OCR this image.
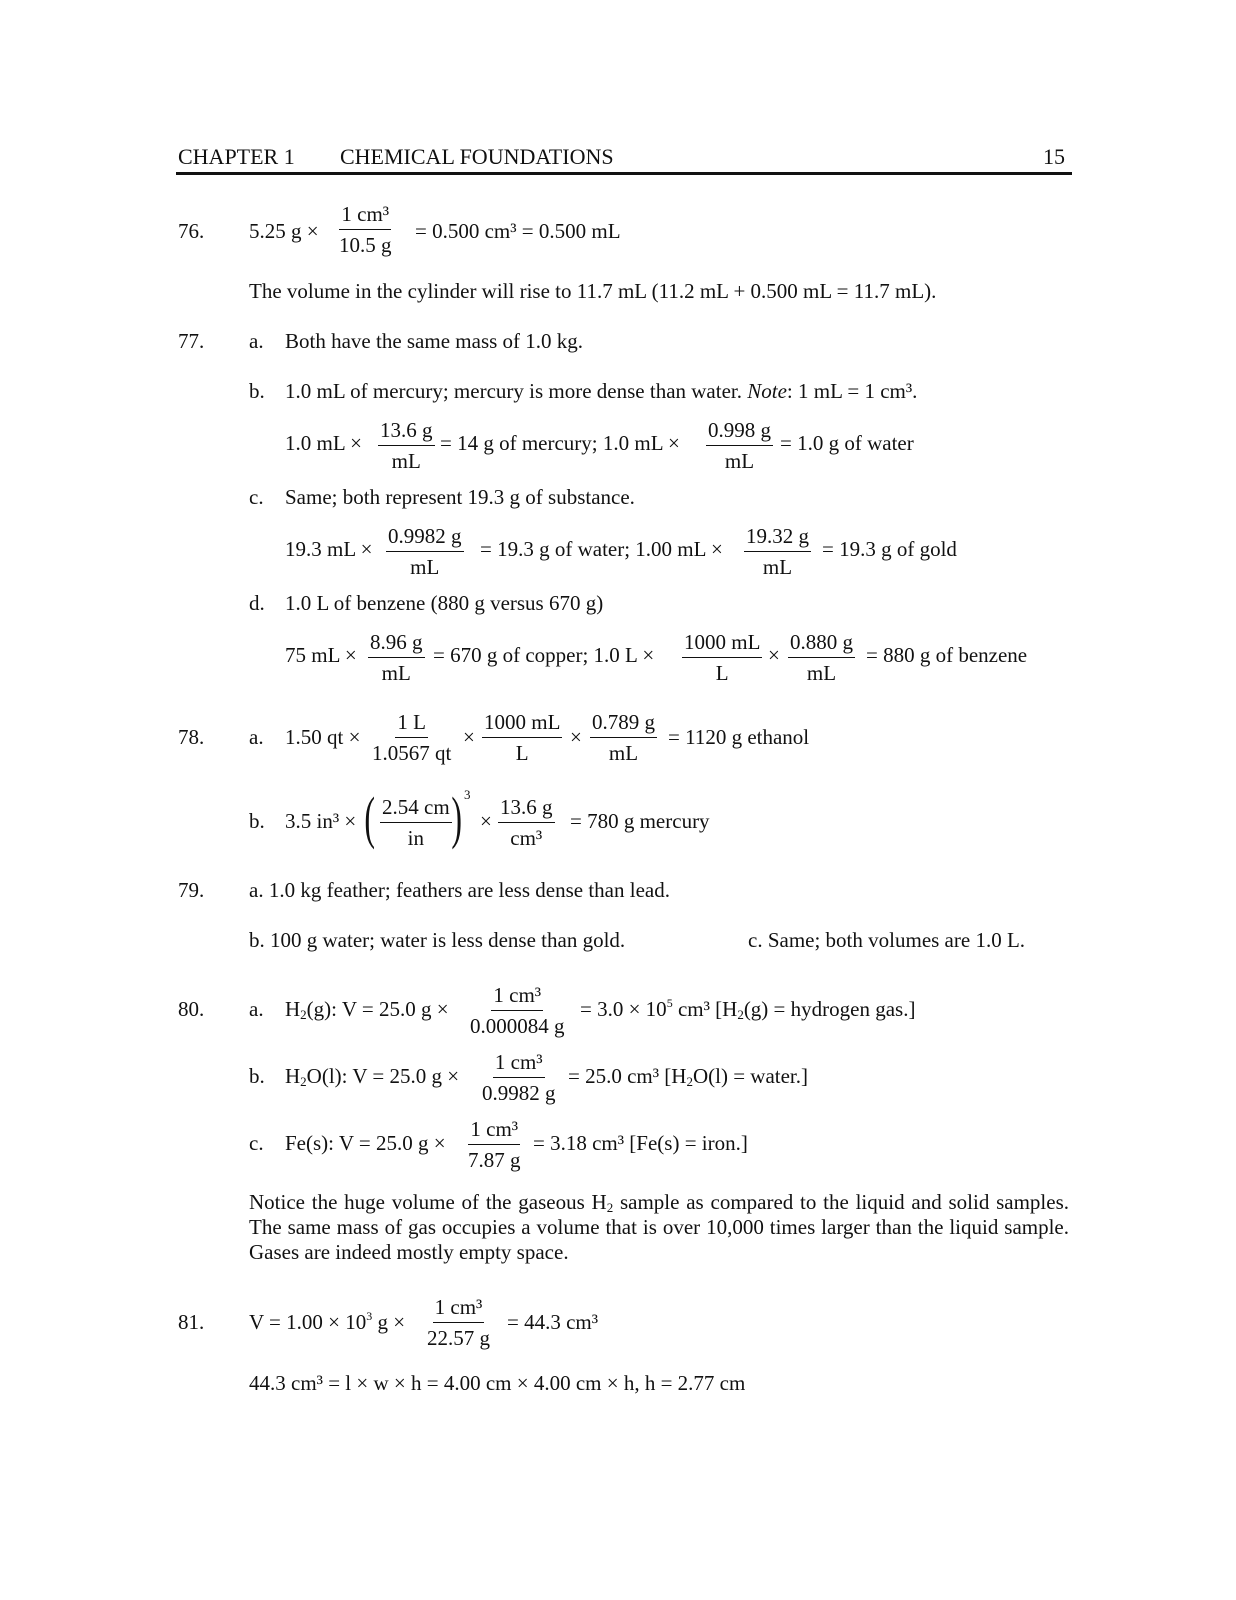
CHAPTER 1 CHEMICAL FOUNDATIONS	15
76. 5.25 $g \times \frac{\text{1 cm³}}{10.5 g} = 0.500$ cm³ = 0.500 mL
The volume in the cylinder will rise to 11.7 mL (11.2 mL + 0.500 mL = 11.7 mL).
77. a. Both have the same mass of 1.0 kg.
b. 1.0 mL of mercury; mercury is more dense than water. Note: 1 mL = 1 cm³.
1.0 mL × $\frac{13.6 g}{mL} = 14$ g of mercury; 1.0 mL × $\frac{0.998 g}{mL} = 1.0$ g of water
c. Same; both represent 19.3 g of substance.
19.3 mL × $\frac{0.9982 g}{mL} = 19.3$ g of water; 1.00 mL × $\frac{19.32 g}{mL} = 19.3$ g of gold
d. 1.0 L of benzene (880 g versus 670 g)
75 mL × $\frac{8.96 g}{mL} = 670$ g of copper; 1.0 $L \times \frac{1000 mL}{L} \times \frac{0.880 g}{mL} = 880$ g of benzene
78. a. 1.50 qt × $\frac{1 L}{1.0567 qt} \times \frac{1000 mL}{L} \times \frac{0.789 g}{mL} = 1120$ g ethanol
b. 3.5 in³ × ( $\frac{2.54 cm}{in}$ ) 3
× $\frac{13.6 g}{\text{cm³}} = 780$ g mercury
79. a. 1.0 kg feather; feathers are less dense than lead.
b. 100 g water; water is less dense than gold.	c. Same; both volumes are 1.0 L.
80. a. $H_2(g)$: V = 25.0 $g \times \frac{\text{1 cm³}}{0.000084 g} = 3.0 \times 10^5$ cm³ [$H_2(g)$ = hydrogen gas.]
b. $H_2O(l)$: V = 25.0 $g \times \frac{\text{1 cm³}}{0.9982 g} = 25.0$ cm³ [$H_2O(l)$ = water.]
c. Fe(s): V = 25.0 $g \times \frac{\text{1 cm³}}{7.87 g} = 3.18$ cm³ [Fe(s) = iron.]
Notice the huge volume of the gaseous $H_2$ sample as compared to the liquid and solid samples. The same mass of gas occupies a volume that is over 10,000 times larger than the liquid sample. Gases are indeed mostly empty space.
81. $V = 1.00 \times 10^3$ $g \times \frac{\text{1 cm³}}{22.57 g} = 44.3$ cm³
44.3 cm³ = l × w × h = 4.00 cm × 4.00 cm × h, h = 2.77 cm
